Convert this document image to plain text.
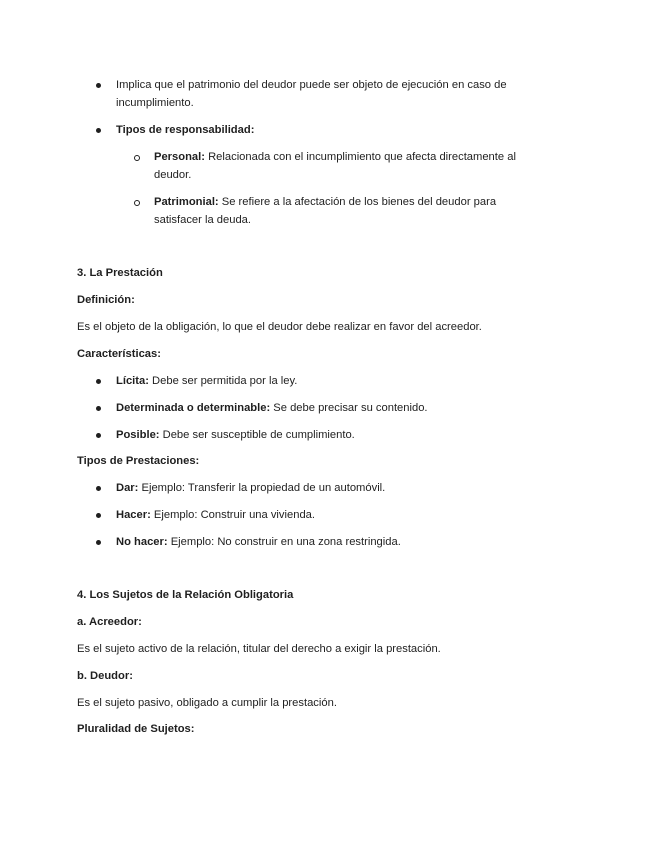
Implica que el patrimonio del deudor puede ser objeto de ejecución en caso de
incumplimiento.
Tipos de responsabilidad:
Personal: Relacionada con el incumplimiento que afecta directamente al
deudor.
Patrimonial: Se refiere a la afectación de los bienes del deudor para
satisfacer la deuda.

3. La Prestación

Definición:

Es el objeto de la obligación, lo que el deudor debe realizar en favor del acreedor.

Características:

Lícita: Debe ser permitida por la ley.
Determinada o determinable: Se debe precisar su contenido.
Posible: Debe ser susceptible de cumplimiento.

Tipos de Prestaciones:

Dar: Ejemplo: Transferir la propiedad de un automóvil.
Hacer: Ejemplo: Construir una vivienda.
No hacer: Ejemplo: No construir en una zona restringida.

4. Los Sujetos de la Relación Obligatoria

a. Acreedor:

Es el sujeto activo de la relación, titular del derecho a exigir la prestación.

b. Deudor:

Es el sujeto pasivo, obligado a cumplir la prestación.

Pluralidad de Sujetos:
